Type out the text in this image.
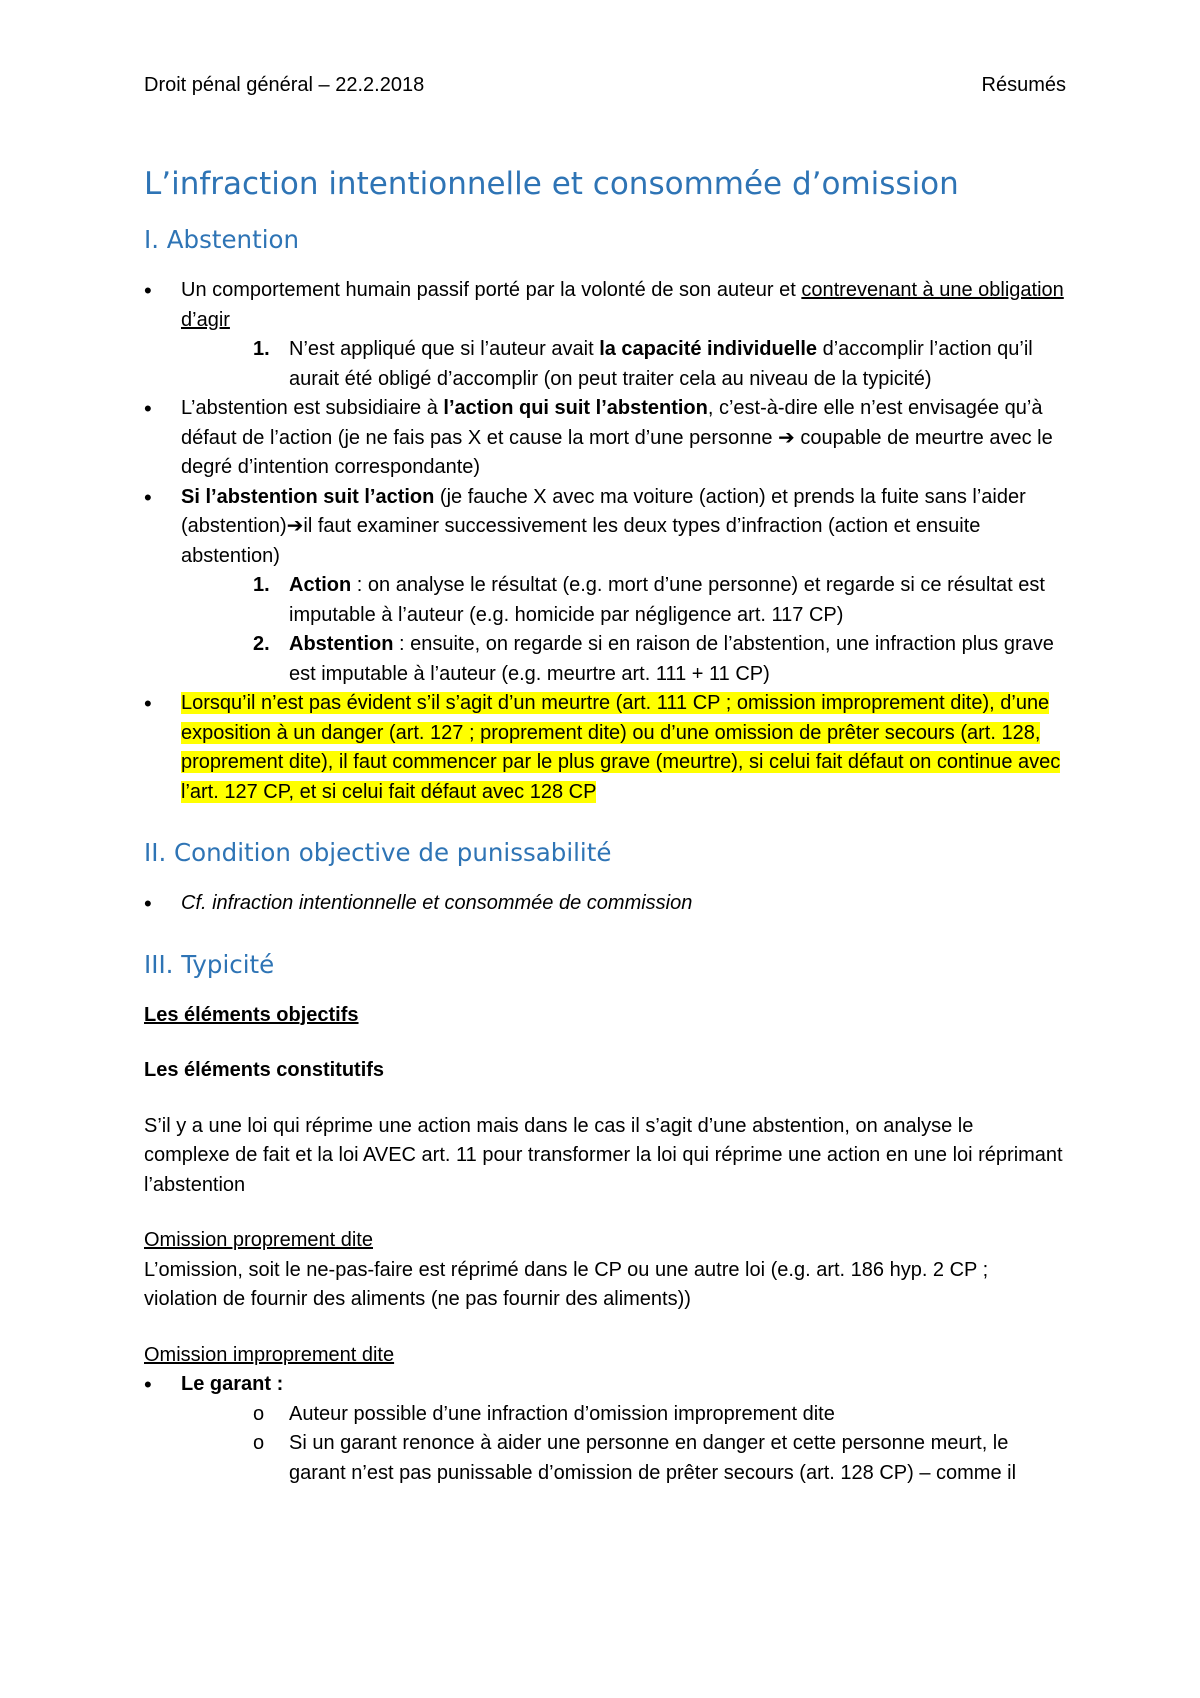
Droit pénal général – 22.2.2018	Résumés
L’infraction intentionnelle et consommée d’omission
I. Abstention
• Un comportement humain passif porté par la volonté de son auteur et contrevenant à une obligation d’agir
1. N’est appliqué que si l’auteur avait la capacité individuelle d’accomplir l’action qu’il aurait été obligé d’accomplir (on peut traiter cela au niveau de la typicité)
• L’abstention est subsidiaire à l’action qui suit l’abstention, c’est-à-dire elle n’est envisagée qu’à défaut de l’action (je ne fais pas X et cause la mort d’une personne ➔ coupable de meurtre avec le degré d’intention correspondante)
• Si l’abstention suit l’action (je fauche X avec ma voiture (action) et prends la fuite sans l’aider (abstention)➔il faut examiner successivement les deux types d’infraction (action et ensuite abstention)
1. Action : on analyse le résultat (e.g. mort d’une personne) et regarde si ce résultat est imputable à l’auteur (e.g. homicide par négligence art. 117 CP)
2. Abstention : ensuite, on regarde si en raison de l’abstention, une infraction plus grave est imputable à l’auteur (e.g. meurtre art. 111 + 11 CP)
• Lorsqu’il n’est pas évident s’il s’agit d’un meurtre (art. 111 CP ; omission improprement dite), d’une exposition à un danger (art. 127 ; proprement dite) ou d’une omission de prêter secours (art. 128, proprement dite), il faut commencer par le plus grave (meurtre), si celui fait défaut on continue avec l’art. 127 CP, et si celui fait défaut avec 128 CP
II. Condition objective de punissabilité
• Cf. infraction intentionnelle et consommée de commission
III. Typicité

Les éléments objectifs

Les éléments constitutifs

S’il y a une loi qui réprime une action mais dans le cas il s’agit d’une abstention, on analyse le complexe de fait et la loi AVEC art. 11 pour transformer la loi qui réprime une action en une loi réprimant l’abstention

Omission proprement dite

L’omission, soit le ne-pas-faire est réprimé dans le CP ou une autre loi (e.g. art. 186 hyp. 2 CP ; violation de fournir des aliments (ne pas fournir des aliments))

Omission improprement dite

• Le garant :
o Auteur possible d’une infraction d’omission improprement dite
o Si un garant renonce à aider une personne en danger et cette personne meurt, le garant n’est pas punissable d’omission de prêter secours (art. 128 CP) – comme il
